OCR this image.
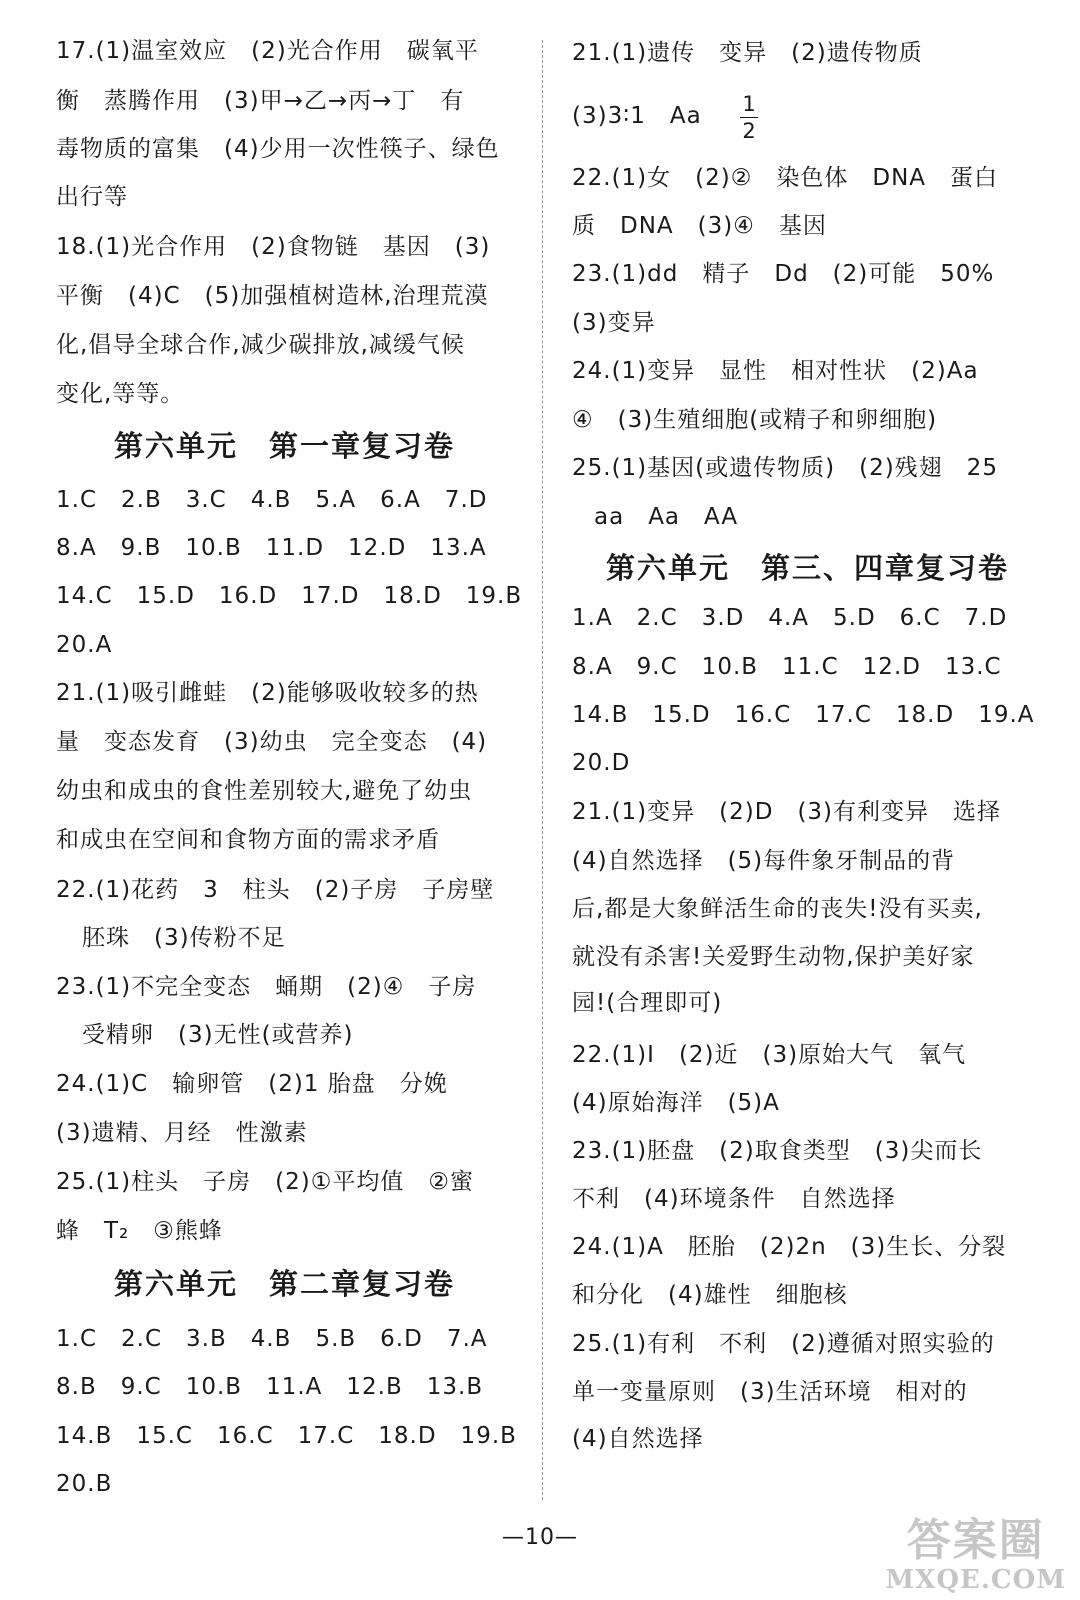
17.(1)温室效应　(2)光合作用　碳氧平
衡　蒸腾作用　(3)甲→乙→丙→丁　有
毒物质的富集　(4)少用一次性筷子、绿色
出行等
18.(1)光合作用　(2)食物链　基因　(3)
平衡　(4)C　(5)加强植树造林,治理荒漠
化,倡导全球合作,减少碳排放,减缓气候
变化,等等。
第六单元　第一章复习卷
1.C　2.B　3.C　4.B　5.A　6.A　7.D
8.A　9.B　10.B　11.D　12.D　13.A
14.C　15.D　16.D　17.D　18.D　19.B
20.A
21.(1)吸引雌蛙　(2)能够吸收较多的热
量　变态发育　(3)幼虫　完全变态　(4)
幼虫和成虫的食性差别较大,避免了幼虫
和成虫在空间和食物方面的需求矛盾
22.(1)花药　3　柱头　(2)子房　子房壁
胚珠　(3)传粉不足
23.(1)不完全变态　蛹期　(2)④　子房
受精卵　(3)无性(或营养)
24.(1)C　输卵管　(2)1 胎盘　分娩
(3)遗精、月经　性激素
25.(1)柱头　子房　(2)①平均值　②蜜
蜂　T₂　③熊蜂
第六单元　第二章复习卷
1.C　2.C　3.B　4.B　5.B　6.D　7.A
8.B　9.C　10.B　11.A　12.B　13.B
14.B　15.C　16.C　17.C　18.D　19.B
20.B
21.(1)遗传　变异　(2)遗传物质
(3)3∶1　Aa 1
2
22.(1)女　(2)②　染色体　DNA　蛋白
质　DNA　(3)④　基因
23.(1)dd　精子　Dd　(2)可能　50%
(3)变异
24.(1)变异　显性　相对性状　(2)Aa
④　(3)生殖细胞(或精子和卵细胞)
25.(1)基因(或遗传物质)　(2)残翅　25
aa　Aa　AA
第六单元　第三、四章复习卷
1.A　2.C　3.D　4.A　5.D　6.C　7.D
8.A　9.C　10.B　11.C　12.D　13.C
14.B　15.D　16.C　17.C　18.D　19.A
20.D
21.(1)变异　(2)D　(3)有利变异　选择
(4)自然选择　(5)每件象牙制品的背
后,都是大象鲜活生命的丧失!没有买卖,
就没有杀害!关爱野生动物,保护美好家
园!(合理即可)
22.(1)Ⅰ　(2)近　(3)原始大气　氧气
(4)原始海洋　(5)A
23.(1)胚盘　(2)取食类型　(3)尖而长
不利　(4)环境条件　自然选择
24.(1)A　胚胎　(2)2n　(3)生长、分裂
和分化　(4)雄性　细胞核
25.(1)有利　不利　(2)遵循对照实验的
单一变量原则　(3)生活环境　相对的
(4)自然选择
—10—	答案圈
MXQE.COM
